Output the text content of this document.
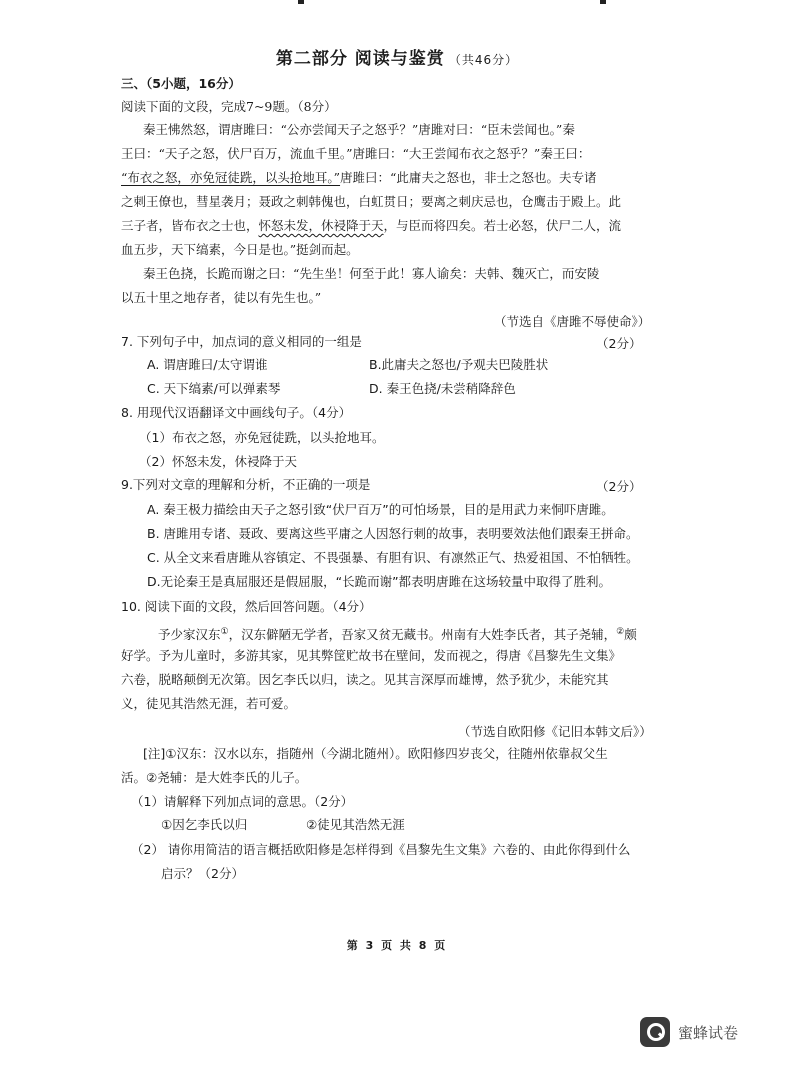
第二部分 阅读与鉴赏 （共46分）
三、（5小题，16分）
阅读下面的文段，完成7~9题。（8分）
秦王怫然怒，谓唐雎曰：“公亦尝闻天子之怒乎？”唐雎对曰：“臣未尝闻也。”秦
王曰：“天子之怒，伏尸百万，流血千里。”唐雎曰：“大王尝闻布衣之怒乎？”秦王曰：
“布衣之怒，亦免冠徒跣，以头抢地耳。”唐雎曰：“此庸夫之怒也，非士之怒也。夫专诸
之刺王僚也，彗星袭月；聂政之刺韩傀也，白虹贯日；要离之刺庆忌也，仓鹰击于殿上。此
三子者，皆布衣之士也，怀怒未发，休祲降于天，与臣而将四矣。若士必怒，伏尸二人，流
血五步，天下缟素，今日是也。”挺剑而起。
秦王色挠，长跪而谢之曰：“先生坐！何至于此！寡人谕矣：夫韩、魏灭亡，而安陵
以五十里之地存者，徒以有先生也。”
（节选自《唐雎不辱使命》）
7. 下列句子中，加点词的意义相同的一组是	（2分）
A. 谓唐雎曰/太守谓谁	B.此庸夫之怒也/予观夫巴陵胜状
C. 天下缟素/可以弹素琴	D. 秦王色挠/未尝稍降辞色
8. 用现代汉语翻译文中画线句子。（4分）
（1）布衣之怒，亦免冠徒跣，以头抢地耳。
（2）怀怒未发，休祲降于天
9.下列对文章的理解和分析，不正确的一项是	（2分）
A. 秦王极力描绘由天子之怒引致“伏尸百万”的可怕场景，目的是用武力来恫吓唐雎。
B. 唐雎用专诸、聂政、要离这些平庸之人因怒行刺的故事，表明要效法他们跟秦王拼命。
C. 从全文来看唐雎从容镇定、不畏强暴、有胆有识、有凛然正气、热爱祖国、不怕牺牲。
D.无论秦王是真屈服还是假屈服，“长跪而谢”都表明唐雎在这场较量中取得了胜利。
10. 阅读下面的文段，然后回答问题。（4分）
予少家汉东①，汉东僻陋无学者，吾家又贫无藏书。州南有大姓李氏者，其子尧辅，②颇
好学。予为儿童时，多游其家，见其弊筐贮故书在壁间，发而视之，得唐《昌黎先生文集》
六卷，脱略颠倒无次第。因乞李氏以归，读之。见其言深厚而雄博，然予犹少，未能究其
义，徒见其浩然无涯，若可爱。
（节选自欧阳修《记旧本韩文后》）
[注]①汉东：汉水以东，指随州（今湖北随州）。欧阳修四岁丧父，往随州依靠叔父生
活。②尧辅：是大姓李氏的儿子。
（1）请解释下列加点词的意思。（2分）
①因乞李氏以归	②徒见其浩然无涯
（2） 请你用简洁的语言概括欧阳修是怎样得到《昌黎先生文集》六卷的、由此你得到什么
启示？（2分）
第 3 页 共 8 页
蜜蜂试卷
